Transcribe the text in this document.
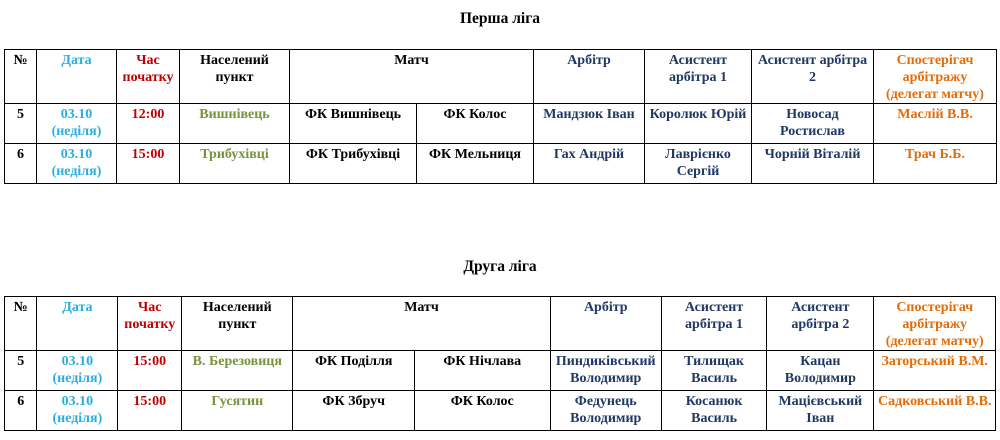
Перша ліга
№	Дата	Час початку	Населений пункт	Матч		Арбітр	Асистент арбітра 1	Асистент арбітра 2	Спостерігач арбітражу (делегат матчу)
5	03.10 (неділя)	12:00	Вишнівець	ФК Вишнівець	ФК Колос	Мандзюк Іван	Королюк Юрій	Новосад Ростислав	Маслій В.В.
6	03.10 (неділя)	15:00	Трибухівці	ФК Трибухівці	ФК Мельниця	Гах Андрій	Лаврієнко Сергій	Чорній Віталій	Трач Б.Б.
Друга ліга
№	Дата	Час початку	Населений пункт	Матч		Арбітр	Асистент арбітра 1	Асистент арбітра 2	Спостерігач арбітражу (делегат матчу)
5	03.10 (неділя)	15:00	В. Березовиця	ФК Поділля	ФК Нічлава	Пиндиківський Володимир	Тилищак Василь	Кацан Володимир	Заторський В.М.
6	03.10 (неділя)	15:00	Гусятин	ФК Збруч	ФК Колос	Федунець Володимир	Косанюк Василь	Мацієвський Іван	Садковський В.В.
